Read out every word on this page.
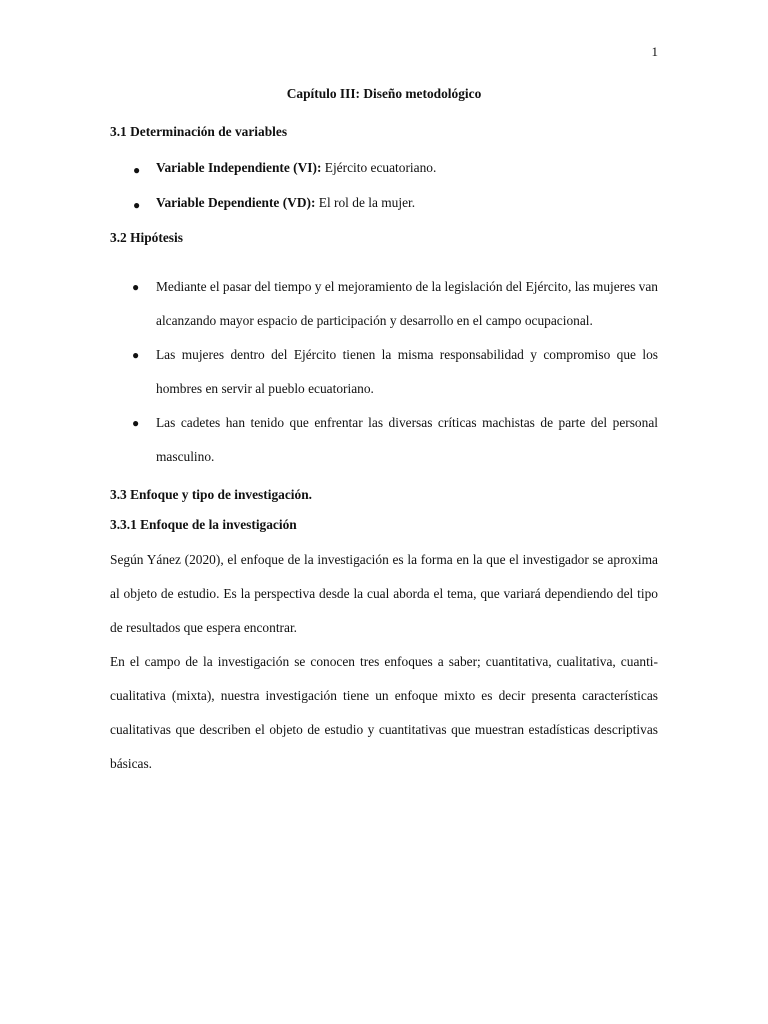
1
Capítulo III: Diseño metodológico
3.1 Determinación de variables
● Variable Independiente (VI): Ejército ecuatoriano.
● Variable Dependiente (VD): El rol de la mujer.
3.2 Hipótesis
● Mediante el pasar del tiempo y el mejoramiento de la legislación del Ejército, las mujeres van alcanzando mayor espacio de participación y desarrollo en el campo ocupacional.
● Las mujeres dentro del Ejército tienen la misma responsabilidad y compromiso que los hombres en servir al pueblo ecuatoriano.
● Las cadetes han tenido que enfrentar las diversas críticas machistas de parte del personal masculino.
3.3 Enfoque y tipo de investigación.
3.3.1 Enfoque de la investigación

Según Yánez (2020), el enfoque de la investigación es la forma en la que el investigador se aproxima al objeto de estudio. Es la perspectiva desde la cual aborda el tema, que variará dependiendo del tipo de resultados que espera encontrar.

En el campo de la investigación se conocen tres enfoques a saber; cuantitativa, cualitativa, cuanti-cualitativa (mixta), nuestra investigación tiene un enfoque mixto es decir presenta características cualitativas que describen el objeto de estudio y cuantitativas que muestran estadísticas descriptivas básicas.
